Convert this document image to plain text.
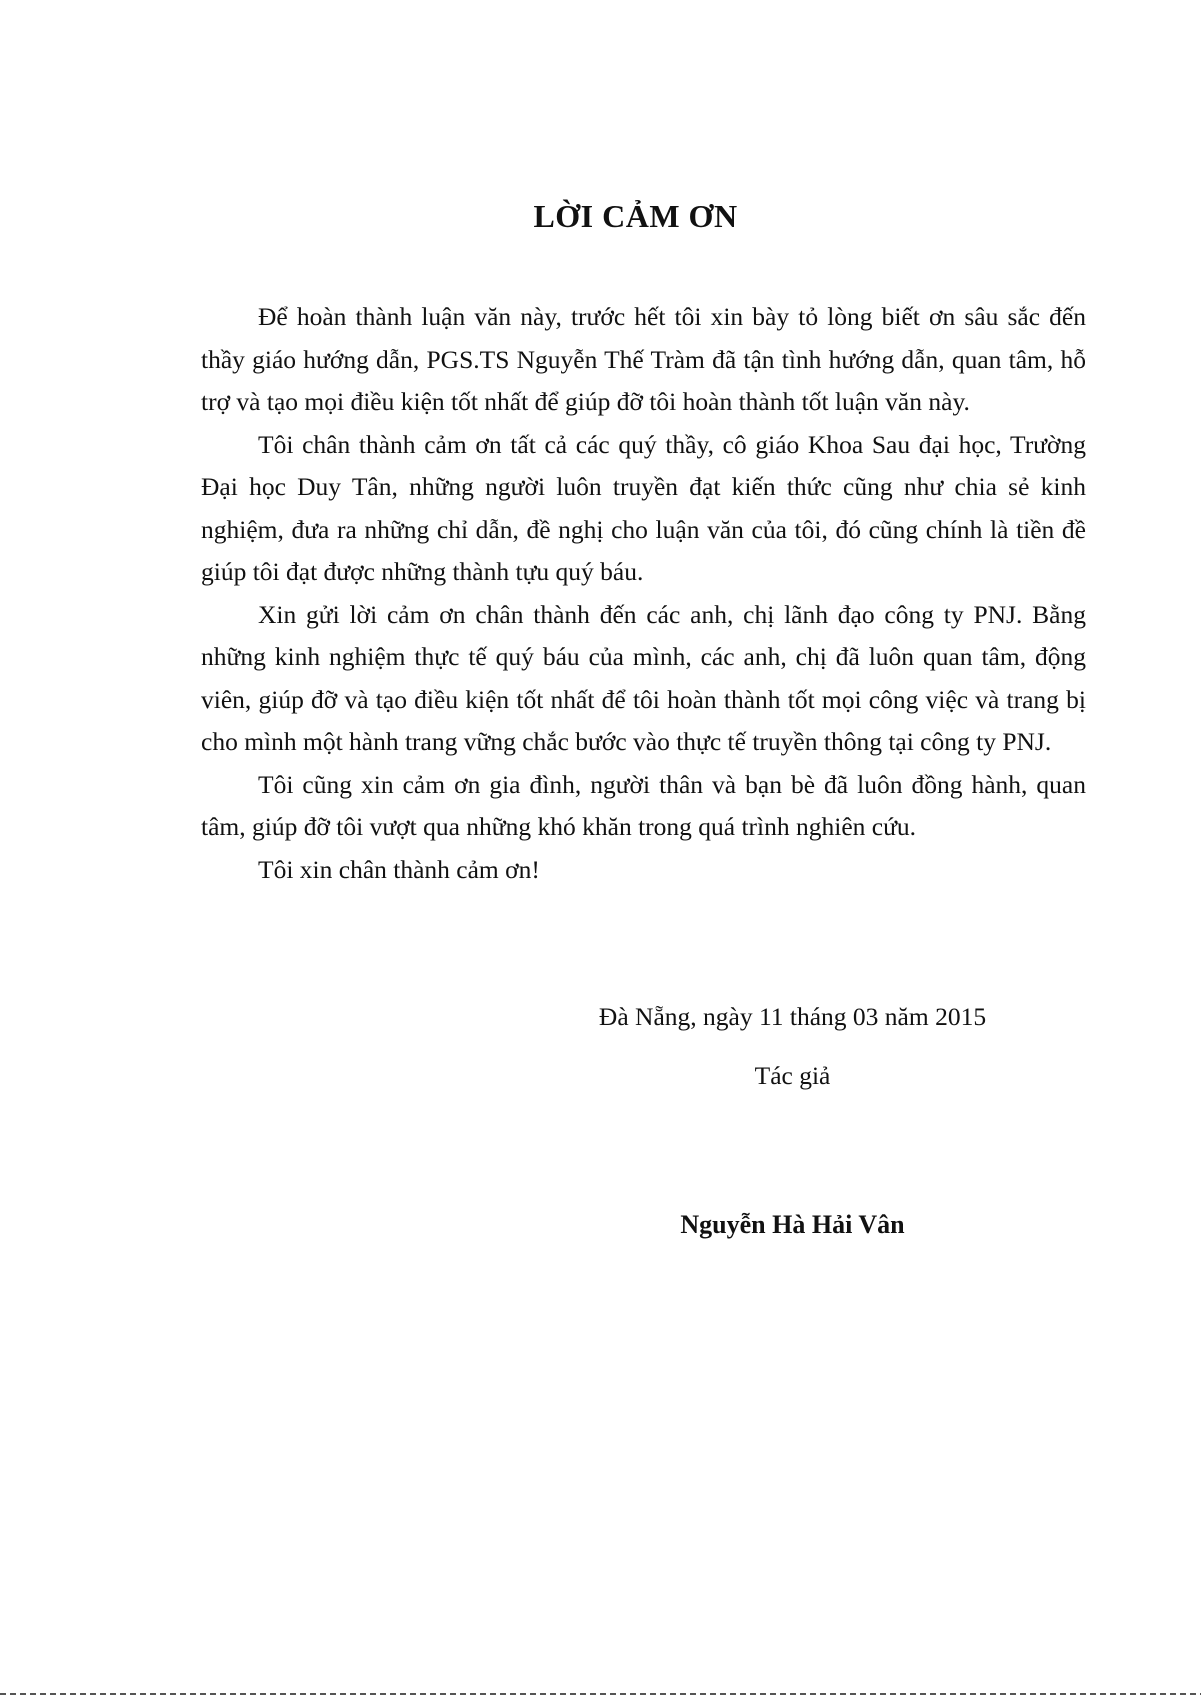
LỜI CẢM ƠN

Để hoàn thành luận văn này, trước hết tôi xin bày tỏ lòng biết ơn sâu sắc đến thầy giáo hướng dẫn, PGS.TS Nguyễn Thế Tràm đã tận tình hướng dẫn, quan tâm, hỗ trợ và tạo mọi điều kiện tốt nhất để giúp đỡ tôi hoàn thành tốt luận văn này.

Tôi chân thành cảm ơn tất cả các quý thầy, cô giáo Khoa Sau đại học, Trường Đại học Duy Tân, những người luôn truyền đạt kiến thức cũng như chia sẻ kinh nghiệm, đưa ra những chỉ dẫn, đề nghị cho luận văn của tôi, đó cũng chính là tiền đề giúp tôi đạt được những thành tựu quý báu.

Xin gửi lời cảm ơn chân thành đến các anh, chị lãnh đạo công ty PNJ. Bằng những kinh nghiệm thực tế quý báu của mình, các anh, chị đã luôn quan tâm, động viên, giúp đỡ và tạo điều kiện tốt nhất để tôi hoàn thành tốt mọi công việc và trang bị cho mình một hành trang vững chắc bước vào thực tế truyền thông tại công ty PNJ.

Tôi cũng xin cảm ơn gia đình, người thân và bạn bè đã luôn đồng hành, quan tâm, giúp đỡ tôi vượt qua những khó khăn trong quá trình nghiên cứu.

Tôi xin chân thành cảm ơn!

Đà Nẵng, ngày 11 tháng 03 năm 2015
Tác giả
Nguyễn Hà Hải Vân
